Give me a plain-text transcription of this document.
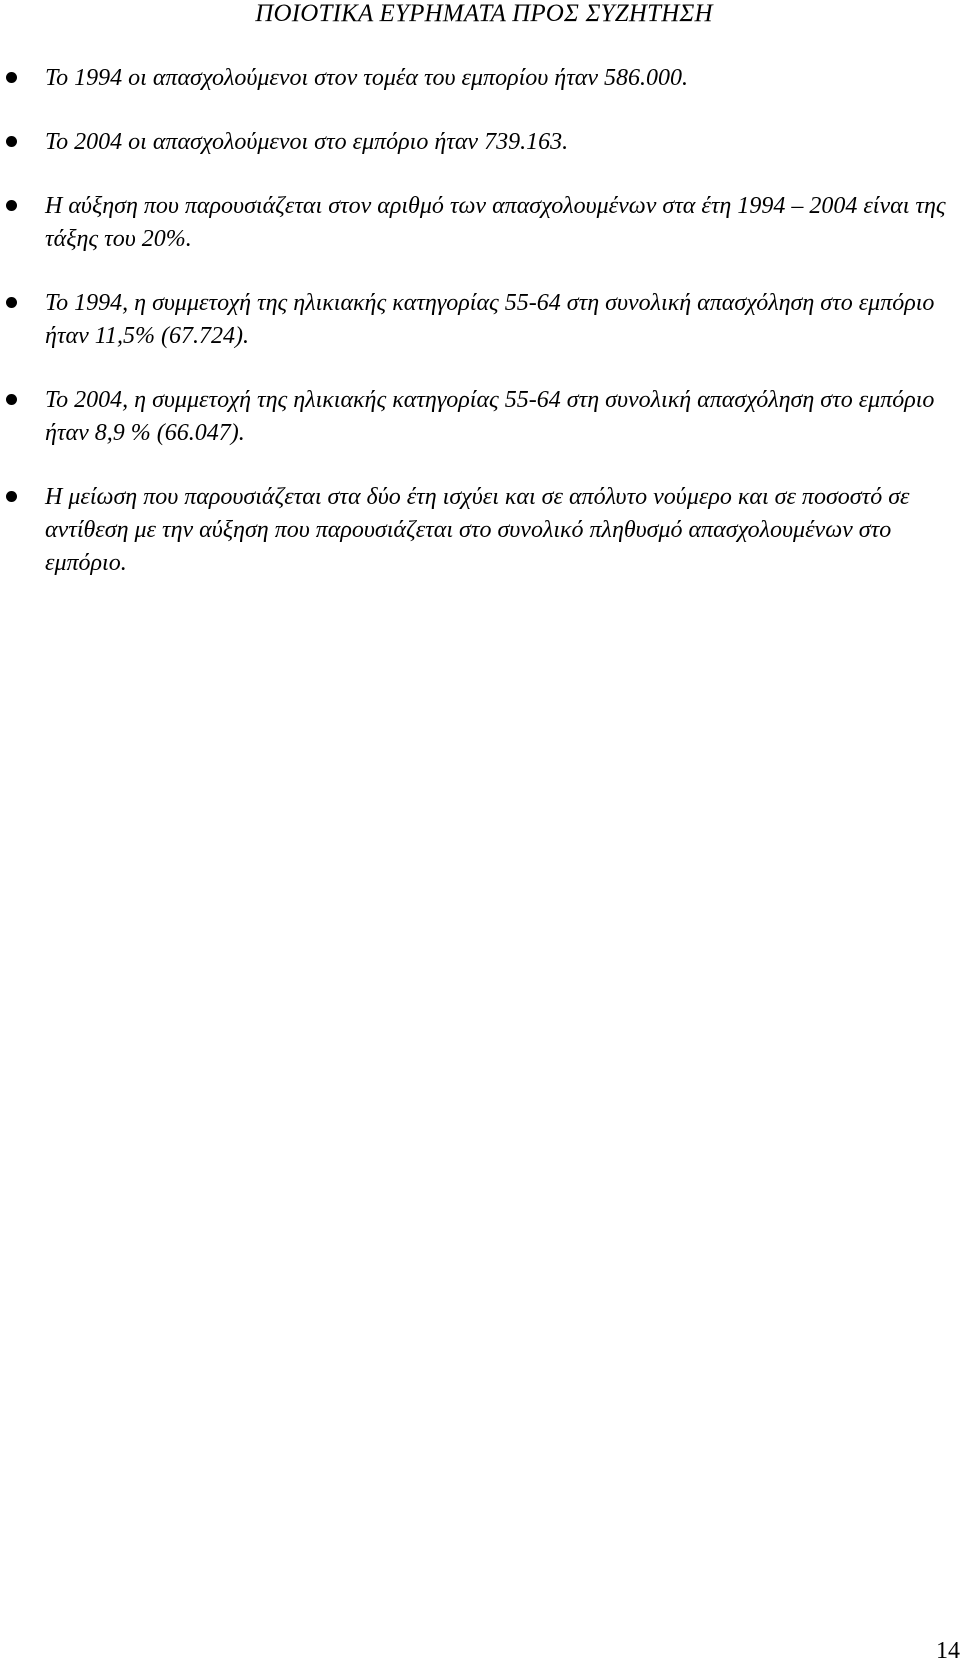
ΠΟΙΟΤΙΚΑ ΕΥΡΗΜΑΤΑ ΠΡΟΣ ΣΥΖΗΤΗΣΗ
Το 1994 οι απασχολούμενοι στον τομέα του εμπορίου ήταν 586.000.
Το 2004 οι απασχολούμενοι στο εμπόριο ήταν 739.163.
Η αύξηση που παρουσιάζεται στον αριθμό των απασχολουμένων στα έτη 1994 – 2004 είναι της τάξης του 20%.
Το 1994, η συμμετοχή της ηλικιακής κατηγορίας 55-64 στη συνολική απασχόληση στο εμπόριο ήταν 11,5% (67.724).
Το 2004, η συμμετοχή της ηλικιακής κατηγορίας 55-64 στη συνολική απασχόληση στο εμπόριο ήταν 8,9 % (66.047).
Η μείωση που παρουσιάζεται στα δύο έτη ισχύει και σε απόλυτο νούμερο και σε ποσοστό σε αντίθεση με την αύξηση που παρουσιάζεται στο συνολικό πληθυσμό απασχολουμένων στο εμπόριο.
14
